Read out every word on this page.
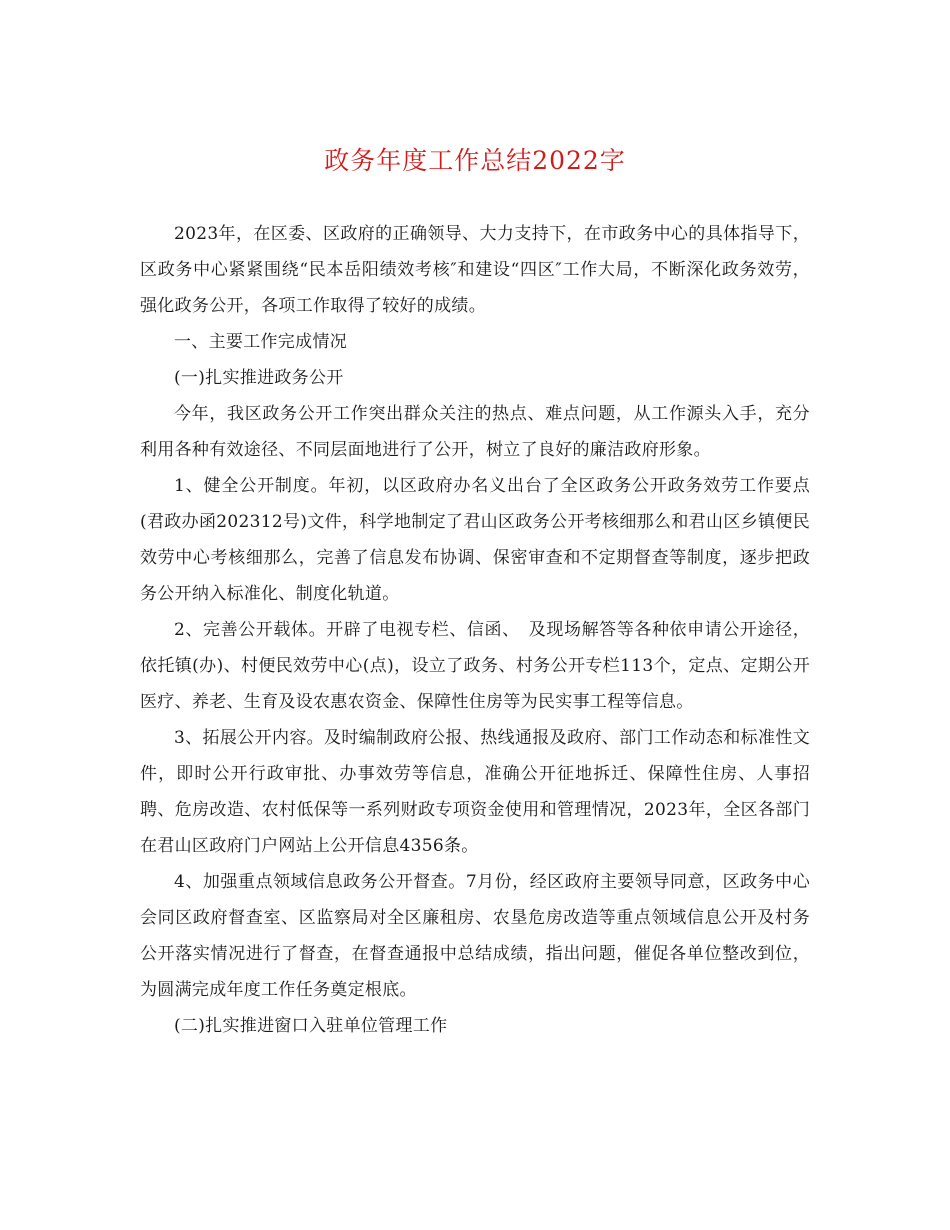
政务年度工作总结2022字

2023年，在区委、区政府的正确领导、大力支持下，在市政务中心的具体指导下，区政务中心紧紧围绕“民本岳阳绩效考核″和建设“四区″工作大局，不断深化政务效劳，强化政务公开，各项工作取得了较好的成绩。

一、主要工作完成情况

(一)扎实推进政务公开

今年，我区政务公开工作突出群众关注的热点、难点问题，从工作源头入手，充分利用各种有效途径、不同层面地进行了公开，树立了良好的廉洁政府形象。

1、健全公开制度。年初，以区政府办名义出台了全区政务公开政务效劳工作要点(君政办函202312号)文件，科学地制定了君山区政务公开考核细那么和君山区乡镇便民效劳中心考核细那么，完善了信息发布协调、保密审查和不定期督查等制度，逐步把政务公开纳入标准化、制度化轨道。

2、完善公开载体。开辟了电视专栏、信函、　及现场解答等各种依申请公开途径，依托镇(办)、村便民效劳中心(点)，设立了政务、村务公开专栏113个，定点、定期公开医疗、养老、生育及设农惠农资金、保障性住房等为民实事工程等信息。

3、拓展公开内容。及时编制政府公报、热线通报及政府、部门工作动态和标准性文件，即时公开行政审批、办事效劳等信息，准确公开征地拆迁、保障性住房、人事招聘、危房改造、农村低保等一系列财政专项资金使用和管理情况，2023年，全区各部门在君山区政府门户网站上公开信息4356条。

4、加强重点领域信息政务公开督查。7月份，经区政府主要领导同意，区政务中心会同区政府督查室、区监察局对全区廉租房、农垦危房改造等重点领域信息公开及村务公开落实情况进行了督查，在督查通报中总结成绩，指出问题，催促各单位整改到位，为圆满完成年度工作任务奠定根底。

(二)扎实推进窗口入驻单位管理工作
